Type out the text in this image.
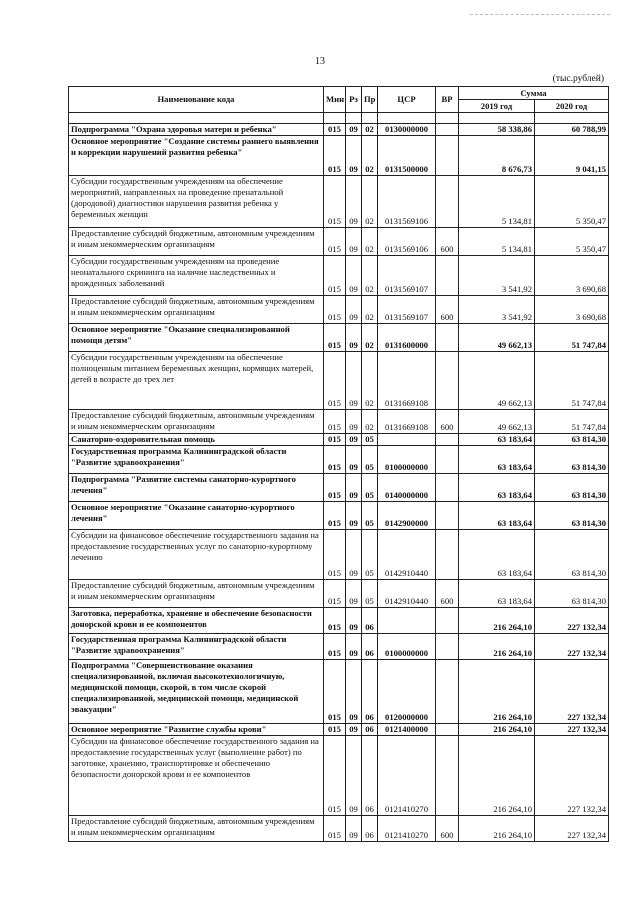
13
(тыс.рублей)
Наименование кода	Мин	Рз	Пр	ЦСР	ВР	Сумма	
						2019 год	2020 год

Подпрограмма "Охрана здоровья матери и ребенка"	015	09	02	0130000000		58 338,86	60 788,99
Основное мероприятие "Создание системы раннего выявления и коррекции нарушений развития ребенка"	015	09	02	0131500000		8 676,73	9 041,15
Субсидии государственным учреждениям на обеспечение мероприятий, направленных на проведение пренатальной (дородовой) диагностики нарушения развития ребенка у беременных женщин	015	09	02	0131569106		5 134,81	5 350,47
Предоставление субсидий бюджетным, автономным учреждениям и иным некоммерческим организациям	015	09	02	0131569106	600	5 134,81	5 350,47
Субсидии государственным учреждениям на проведение неонатального скрининга на наличие наследственных и врожденных заболеваний	015	09	02	0131569107		3 541,92	3 690,68
Предоставление субсидий бюджетным, автономным учреждениям и иным некоммерческим организациям	015	09	02	0131569107	600	3 541,92	3 690,68
Основное мероприятие "Оказание специализированной помощи детям"	015	09	02	0131600000		49 662,13	51 747,84
Субсидии государственным учреждениям на обеспечение полноценным питанием беременных женщин, кормящих матерей, детей в возрасте до трех лет	015	09	02	0131669108		49 662,13	51 747,84
Предоставление субсидий бюджетным, автономным учреждениям и иным некоммерческим организациям	015	09	02	0131669108	600	49 662,13	51 747,84
Санаторно-оздоровительная помощь	015	09	05			63 183,64	63 814,30
Государственная программа Калининградской области "Развитие здравоохранения"	015	09	05	0100000000		63 183,64	63 814,30
Подпрограмма "Развитие системы санаторно-курортного лечения"	015	09	05	0140000000		63 183,64	63 814,30
Основное мероприятие "Оказание санаторно-курортного лечения"	015	09	05	0142900000		63 183,64	63 814,30
Субсидии на финансовое обеспечение государственного задания на предоставление государственных услуг по санаторно-курортному лечению	015	09	05	0142910440		63 183,64	63 814,30
Предоставление субсидий бюджетным, автономным учреждениям и иным некоммерческим организациям	015	09	05	0142910440	600	63 183,64	63 814,30
Заготовка, переработка, хранение и обеспечение безопасности донорской крови и ее компонентов	015	09	06			216 264,10	227 132,34
Государственная программа Калининградской области "Развитие здравоохранения"	015	09	06	0100000000		216 264,10	227 132,34
Подпрограмма "Совершенствование оказания специализированной, включая высокотехнологичную, медицинской помощи, скорой, в том числе скорой специализированной, медицинской помощи, медицинской эвакуации"	015	09	06	0120000000		216 264,10	227 132,34
Основное мероприятие "Развитие службы крови"	015	09	06	0121400000		216 264,10	227 132,34
Субсидии на финансовое обеспечение государственного задания на предоставление государственных услуг (выполнение работ) по заготовке, хранению, транспортировке и обеспечению безопасности донорской крови и ее компонентов	015	09	06	0121410270		216 264,10	227 132,34
Предоставление субсидий бюджетным, автономным учреждениям и иным некоммерческим организациям	015	09	06	0121410270	600	216 264,10	227 132,34
